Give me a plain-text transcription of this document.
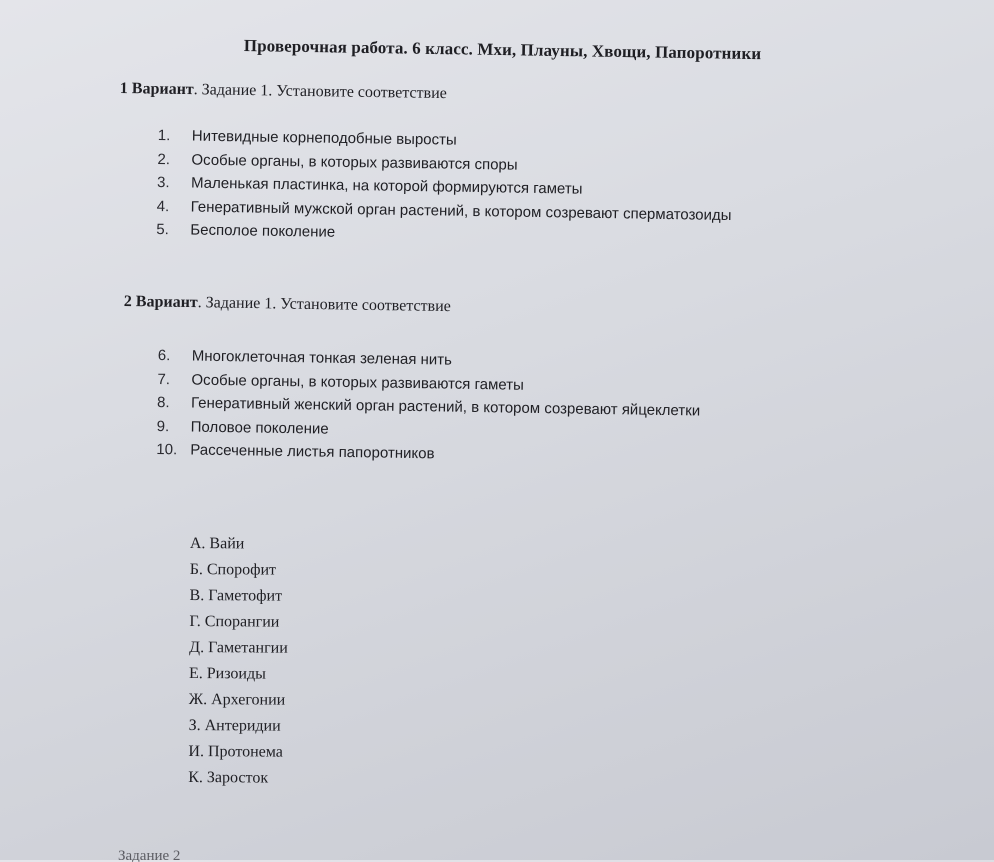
Проверочная работа. 6 класс. Мхи, Плауны, Хвощи, Папоротники
1 Вариант. Задание 1. Установите соответствие
1.	Нитевидные корнеподобные выросты
2.	Особые органы, в которых развиваются споры
3.	Маленькая пластинка, на которой формируются гаметы
4.	Генеративный мужской орган растений, в котором созревают сперматозоиды
5.	Бесполое поколение
2 Вариант. Задание 1. Установите соответствие
6.	Многоклеточная тонкая зеленая нить
7.	Особые органы, в которых развиваются гаметы
8.	Генеративный женский орган растений, в котором созревают яйцеклетки
9.	Половое поколение
10. Рассеченные листья папоротников
А. Вайи
Б. Спорофит
В. Гаметофит
Г. Спорангии
Д. Гаметангии
Е. Ризоиды
Ж. Архегонии
З. Антеридии
И. Протонема
К. Заросток
Задание 2
